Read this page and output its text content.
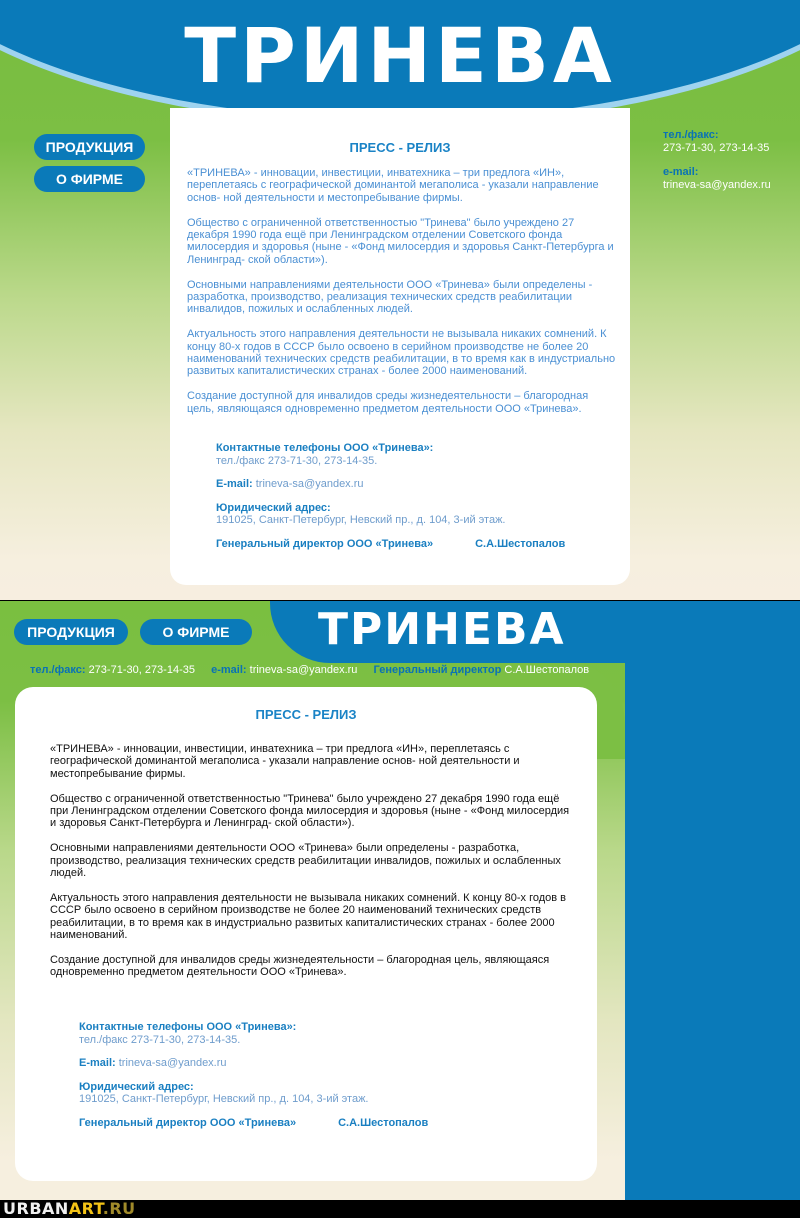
ТРИНЕВА
ПРОДУКЦИЯ
О ФИРМЕ
ПРЕСС - РЕЛИЗ

«ТРИНЕВА» - инновации, инвестиции, инватехника – три предлога «ИН», переплетаясь с географической доминантой мегаполиса - указали направление основ- ной деятельности и местопребывание фирмы.

Общество с ограниченной ответственностью "Тринева" было учреждено 27 декабря 1990 года ещё при Ленинградском отделении Советского фонда милосердия и здоровья (ныне - «Фонд милосердия и здоровья Санкт-Петербурга и Ленинград- ской области»).

Основными направлениями деятельности ООО «Тринева» были определены - разработка, производство, реализация технических средств реабилитации инвалидов, пожилых и ослабленных людей.

Актуальность этого направления деятельности не вызывала никаких сомнений. К концу 80-х годов в СССР было освоено в серийном производстве не более 20 наименований технических средств реабилитации, в то время как в индустриально развитых капиталистических странах - более 2000 наименований.

Создание доступной для инвалидов среды жизнедеятельности – благородная цель, являющаяся одновременно предметом деятельности ООО «Тринева».

Контактные телефоны ООО «Тринева»:
тел./факс 273-71-30, 273-14-35.
E-mail: trineva-sa@yandex.ru
Юридический адрес:
191025, Санкт-Петербург, Невский пр., д. 104, 3-ий этаж.
Генеральный директор ООО «Тринева»	С.А.Шестопалов
тел./факс:
273-71-30, 273-14-35
e-mail:
trineva-sa@yandex.ru
ТРИНЕВА
ПРОДУКЦИЯ	О ФИРМЕ
тел./факс: 273-71-30, 273-14-35 e-mail: trineva-sa@yandex.ru Генеральный директор С.А.Шестопалов
ПРЕСС - РЕЛИЗ

«ТРИНЕВА» - инновации, инвестиции, инватехника – три предлога «ИН», переплетаясь с географической доминантой мегаполиса - указали направление основ- ной деятельности и местопребывание фирмы.

Общество с ограниченной ответственностью "Тринева" было учреждено 27 декабря 1990 года ещё при Ленинградском отделении Советского фонда милосердия и здоровья (ныне - «Фонд милосердия и здоровья Санкт-Петербурга и Ленинград- ской области»).

Основными направлениями деятельности ООО «Тринева» были определены - разработка, производство, реализация технических средств реабилитации инвалидов, пожилых и ослабленных людей.

Актуальность этого направления деятельности не вызывала никаких сомнений. К концу 80-х годов в СССР было освоено в серийном производстве не более 20 наименований технических средств реабилитации, в то время как в индустриально развитых капиталистических странах - более 2000 наименований.

Создание доступной для инвалидов среды жизнедеятельности – благородная цель, являющаяся одновременно предметом деятельности ООО «Тринева».

Контактные телефоны ООО «Тринева»:
тел./факс 273-71-30, 273-14-35.
E-mail: trineva-sa@yandex.ru
Юридический адрес:
191025, Санкт-Петербург, Невский пр., д. 104, 3-ий этаж.
Генеральный директор ООО «Тринева»	С.А.Шестопалов
URBANART.RU
